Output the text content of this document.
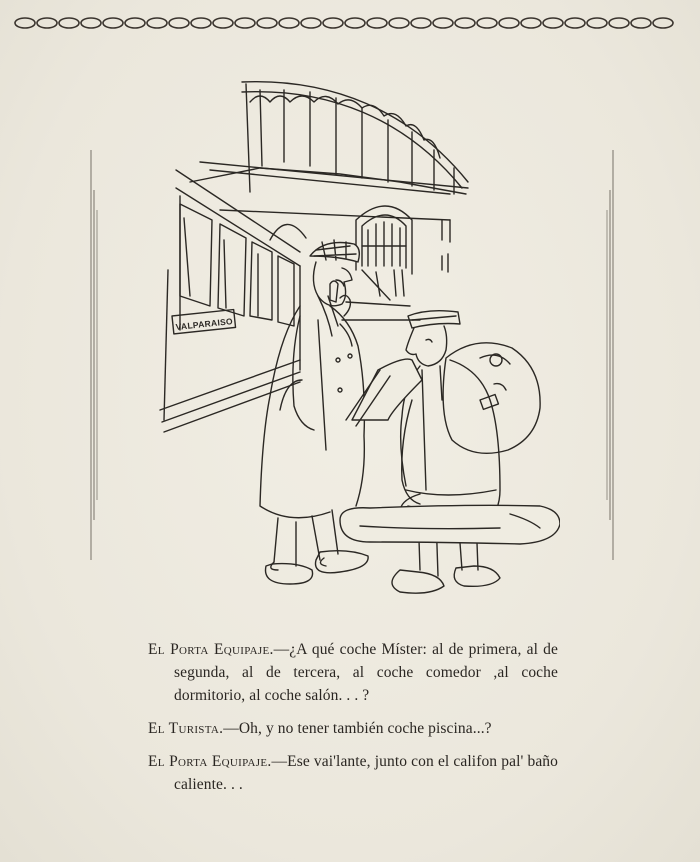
VALPARAISO

El Porta Equipaje.—¿A qué coche Míster: al de primera, al de segunda, al de tercera, al coche comedor ,al coche dormitorio, al coche salón. . . ?

El Turista.—Oh, y no tener también coche piscina...?

El Porta Equipaje.—Ese vai'lante, junto con el califon pal' baño caliente. . .
